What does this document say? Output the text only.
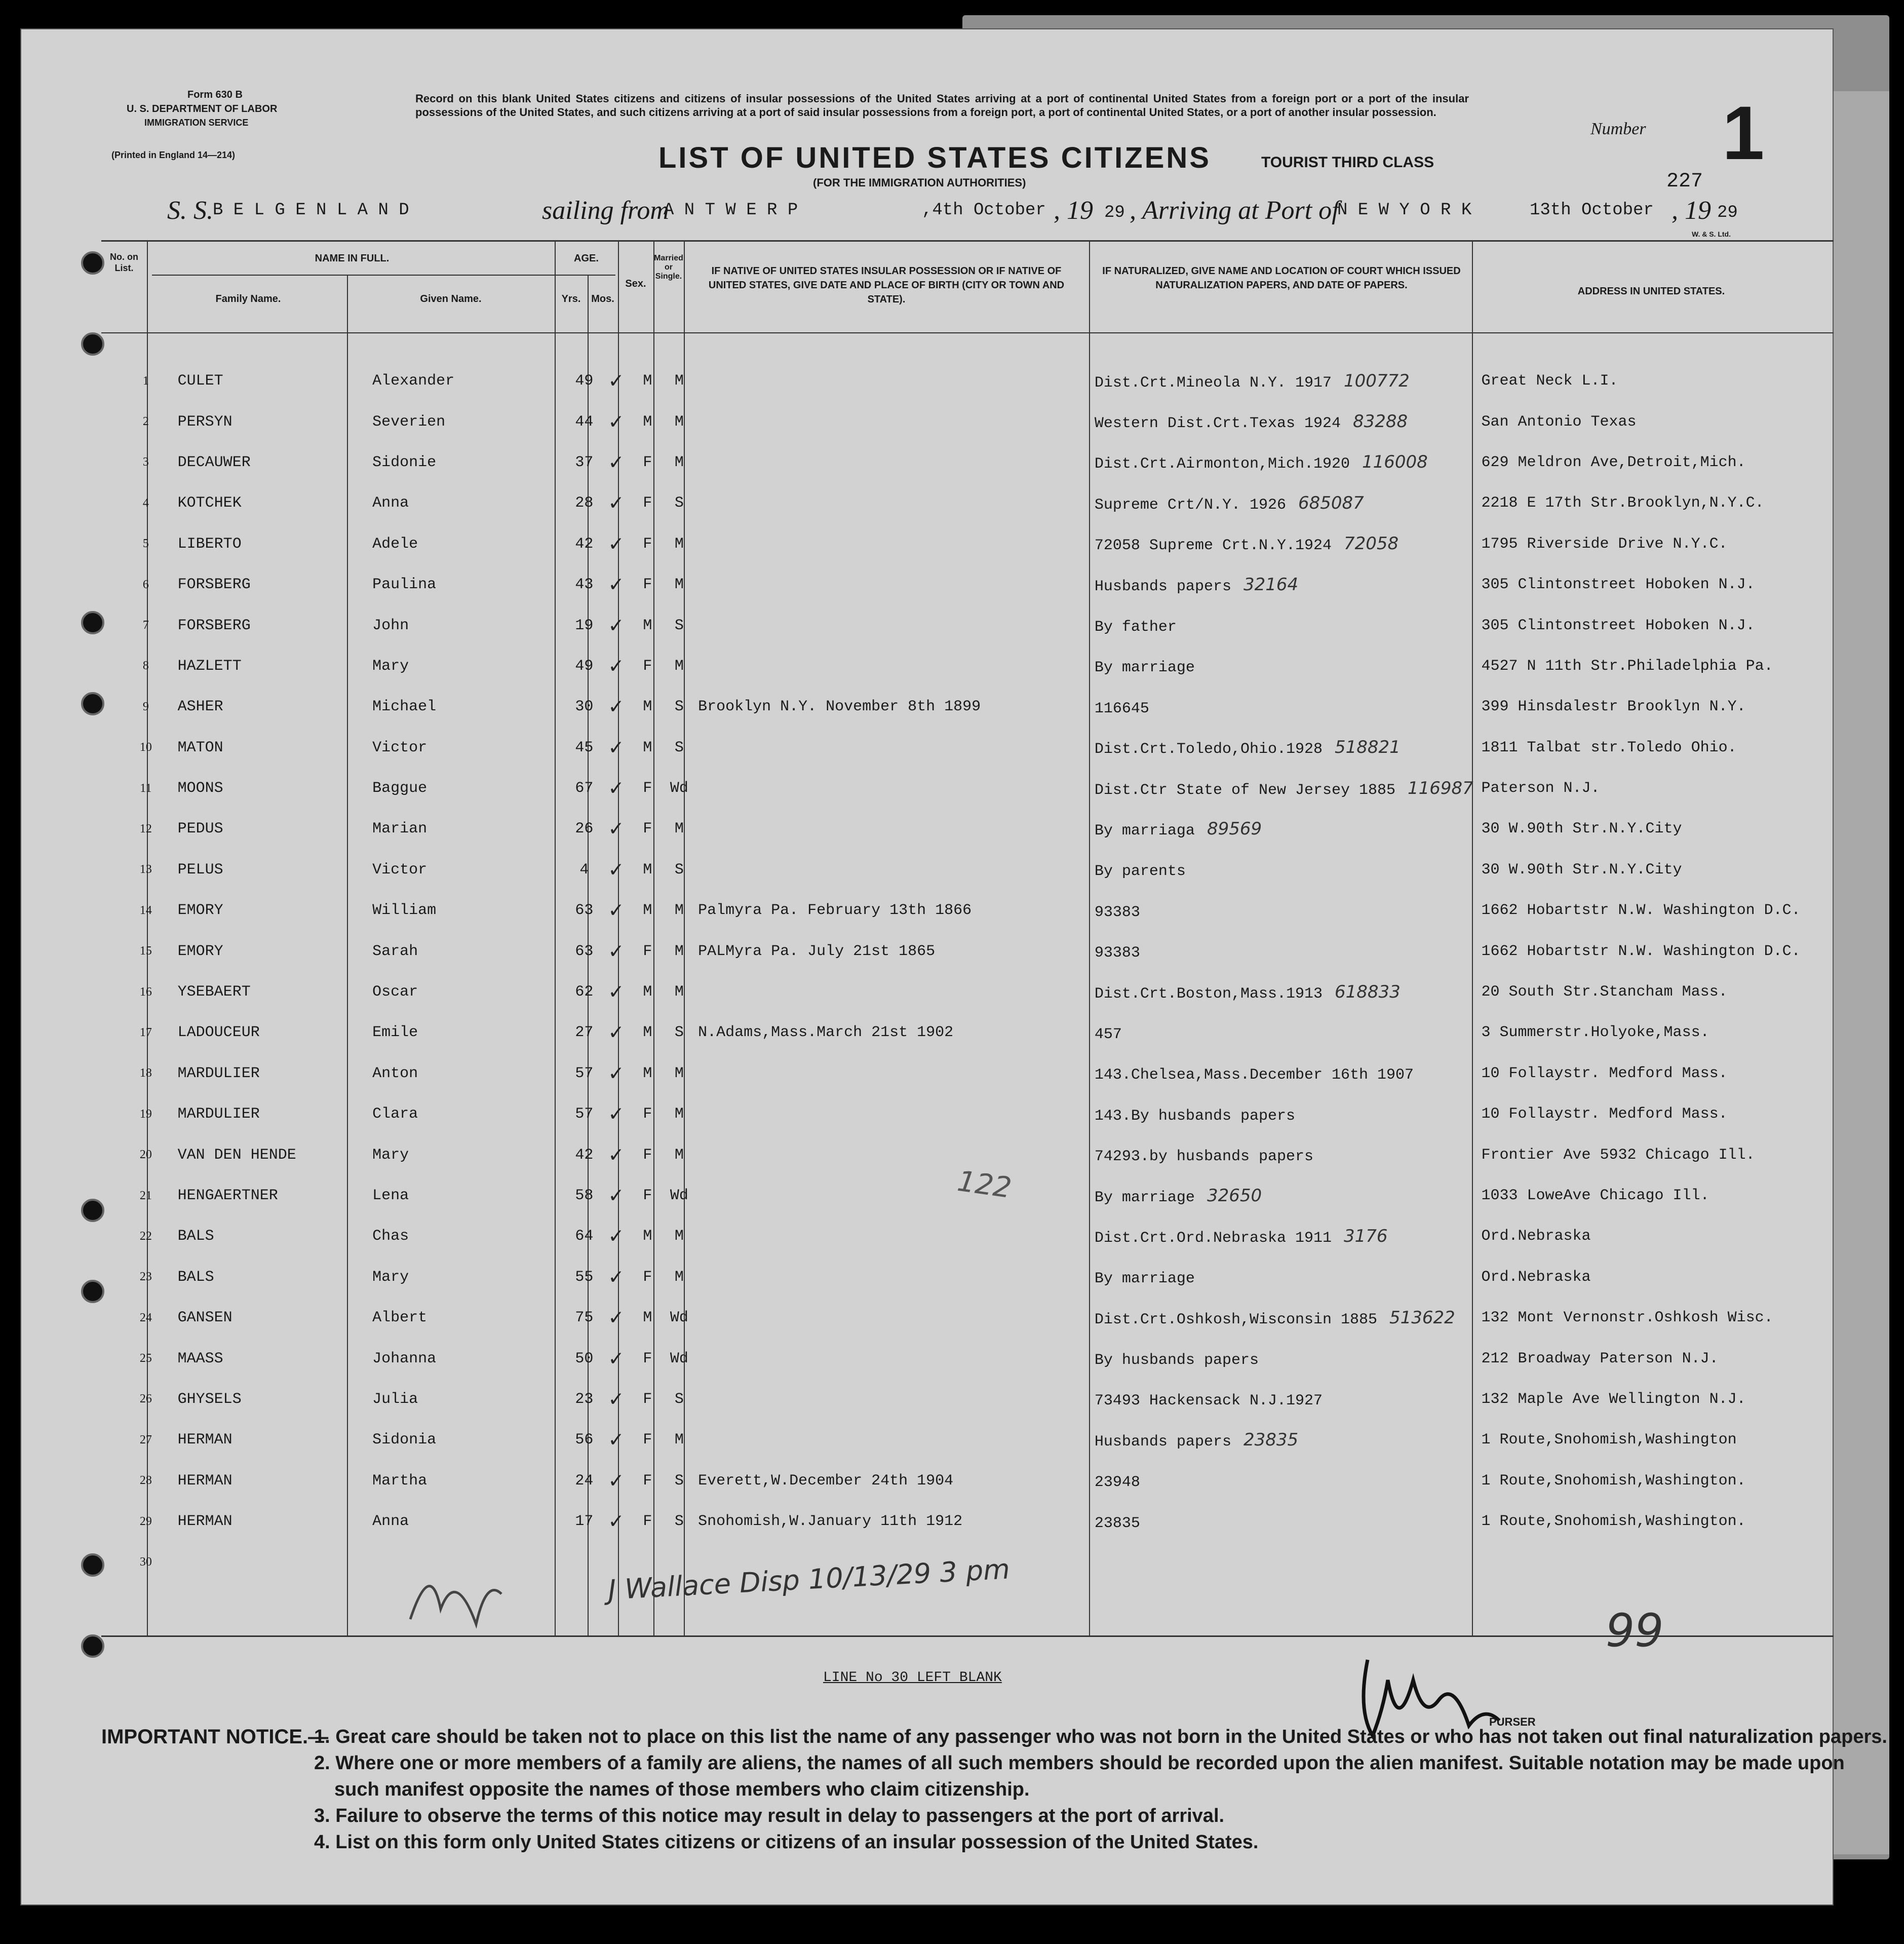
Form 630 B
U. S. DEPARTMENT OF LABOR
IMMIGRATION SERVICE
(Printed in England 14—214)
Record on this blank United States citizens and citizens of insular possessions of the United States arriving at a port of continental United States from a foreign port or a port of the insular possessions of the United States, and such citizens arriving at a port of said insular possessions from a foreign port, a port of continental United States, or a port of another insular possession.
LIST OF UNITED STATES CITIZENS
(FOR THE IMMIGRATION AUTHORITIES)
TOURIST THIRD CLASS
Number 1
227
S. S. B E L G E N L A N D	sailing from
A N T W E R P	,4th October , 19 29 , Arriving at Port of
N E W Y O R K	13th October , 19 29
W. & S. Ltd.
No. on List.
NAME IN FULL.
Family Name.	Given Name.
AGE.
Yrs.	Mos.
Sex.
Married or Single.	IF NATIVE OF UNITED STATES INSULAR POSSESSION OR IF NATIVE OF UNITED STATES, GIVE DATE AND PLACE OF BIRTH (CITY OR TOWN AND STATE).
IF NATURALIZED, GIVE NAME AND LOCATION OF COURT WHICH ISSUED NATURALIZATION PAPERS, AND DATE OF PAPERS.
ADDRESS IN UNITED STATES.
1	CULET	Alexander	49	✓	M	M		Dist.Crt.Mineola N.Y. 1917 100772	Great Neck L.I.
2	PERSYN	Severien	44	✓	M	M		Western Dist.Crt.Texas 1924 83288	San Antonio Texas
3	DECAUWER	Sidonie	37	✓	F	M		Dist.Crt.Airmonton,Mich.1920 116008	629 Meldron Ave,Detroit,Mich.
4	KOTCHEK	Anna	28	✓	F	S		Supreme Crt/N.Y. 1926 685087	2218 E 17th Str.Brooklyn,N.Y.C.
5	LIBERTO	Adele	42	✓	F	M		72058 Supreme Crt.N.Y.1924 72058	1795 Riverside Drive N.Y.C.
6	FORSBERG	Paulina	43	✓	F	M		Husbands papers 32164	305 Clintonstreet Hoboken N.J.
7	FORSBERG	John	19	✓	M	S		By father	305 Clintonstreet Hoboken N.J.
8	HAZLETT	Mary	49	✓	F	M		By marriage	4527 N 11th Str.Philadelphia Pa.
9	ASHER	Michael	30	✓	M	S	Brooklyn N.Y. November 8th 1899	116645	399 Hinsdalestr Brooklyn N.Y.
10	MATON	Victor	45	✓	M	S		Dist.Crt.Toledo,Ohio.1928 518821	1811 Talbat str.Toledo Ohio.
11	MOONS	Baggue	67	✓	F	Wd		Dist.Ctr State of New Jersey 1885 116987	Paterson N.J.
12	PEDUS	Marian	26	✓	F	M		By marriaga 89569	30 W.90th Str.N.Y.City
13	PELUS	Victor	4	✓	M	S		By parents	30 W.90th Str.N.Y.City
14	EMORY	William	63	✓	M	M	Palmyra Pa. February 13th 1866	93383	1662 Hobartstr N.W. Washington D.C.
15	EMORY	Sarah	63	✓	F	M	PALMyra Pa. July 21st 1865	93383	1662 Hobartstr N.W. Washington D.C.
16	YSEBAERT	Oscar	62	✓	M	M		Dist.Crt.Boston,Mass.1913 618833	20 South Str.Stancham Mass.
17	LADOUCEUR	Emile	27	✓	M	S	N.Adams,Mass.March 21st 1902	457	3 Summerstr.Holyoke,Mass.
18	MARDULIER	Anton	57	✓	M	M		143.Chelsea,Mass.December 16th 1907	10 Follaystr. Medford Mass.
19	MARDULIER	Clara	57	✓	F	M		143.By husbands papers	10 Follaystr. Medford Mass.
20	VAN DEN HENDE	Mary	42	✓	F	M		74293.by husbands papers	Frontier Ave 5932 Chicago Ill.
21	HENGAERTNER	Lena	58	✓	F	Wd		By marriage 32650	1033 LoweAve Chicago Ill.
22	BALS	Chas	64	✓	M	M		Dist.Crt.Ord.Nebraska 1911 3176	Ord.Nebraska
23	BALS	Mary	55	✓	F	M		By marriage	Ord.Nebraska
24	GANSEN	Albert	75	✓	M	Wd		Dist.Crt.Oshkosh,Wisconsin 1885 513622	132 Mont Vernonstr.Oshkosh Wisc.
25	MAASS	Johanna	50	✓	F	Wd		By husbands papers	212 Broadway Paterson N.J.
26	GHYSELS	Julia	23	✓	F	S		73493 Hackensack N.J.1927	132 Maple Ave Wellington N.J.
27	HERMAN	Sidonia	56	✓	F	M		Husbands papers 23835	1 Route,Snohomish,Washington
28	HERMAN	Martha	24	✓	F	S	Everett,W.December 24th 1904	23948	1 Route,Snohomish,Washington.
29	HERMAN	Anna	17	✓	F	S	Snohomish,W.January 11th 1912	23835	1 Route,Snohomish,Washington.
30									
122
99
J Wallace Disp 10/13/29 3 pm
LINE No 30 LEFT BLANK
PURSER
IMPORTANT NOTICE.—
1. Great care should be taken not to place on this list the name of any passenger who was not born in the United States or who has not taken out final naturalization papers.
2. Where one or more members of a family are aliens, the names of all such members should be recorded upon the alien manifest. Suitable notation may be made upon
such manifest opposite the names of those members who claim citizenship.
3. Failure to observe the terms of this notice may result in delay to passengers at the port of arrival.
4. List on this form only United States citizens or citizens of an insular possession of the United States.
